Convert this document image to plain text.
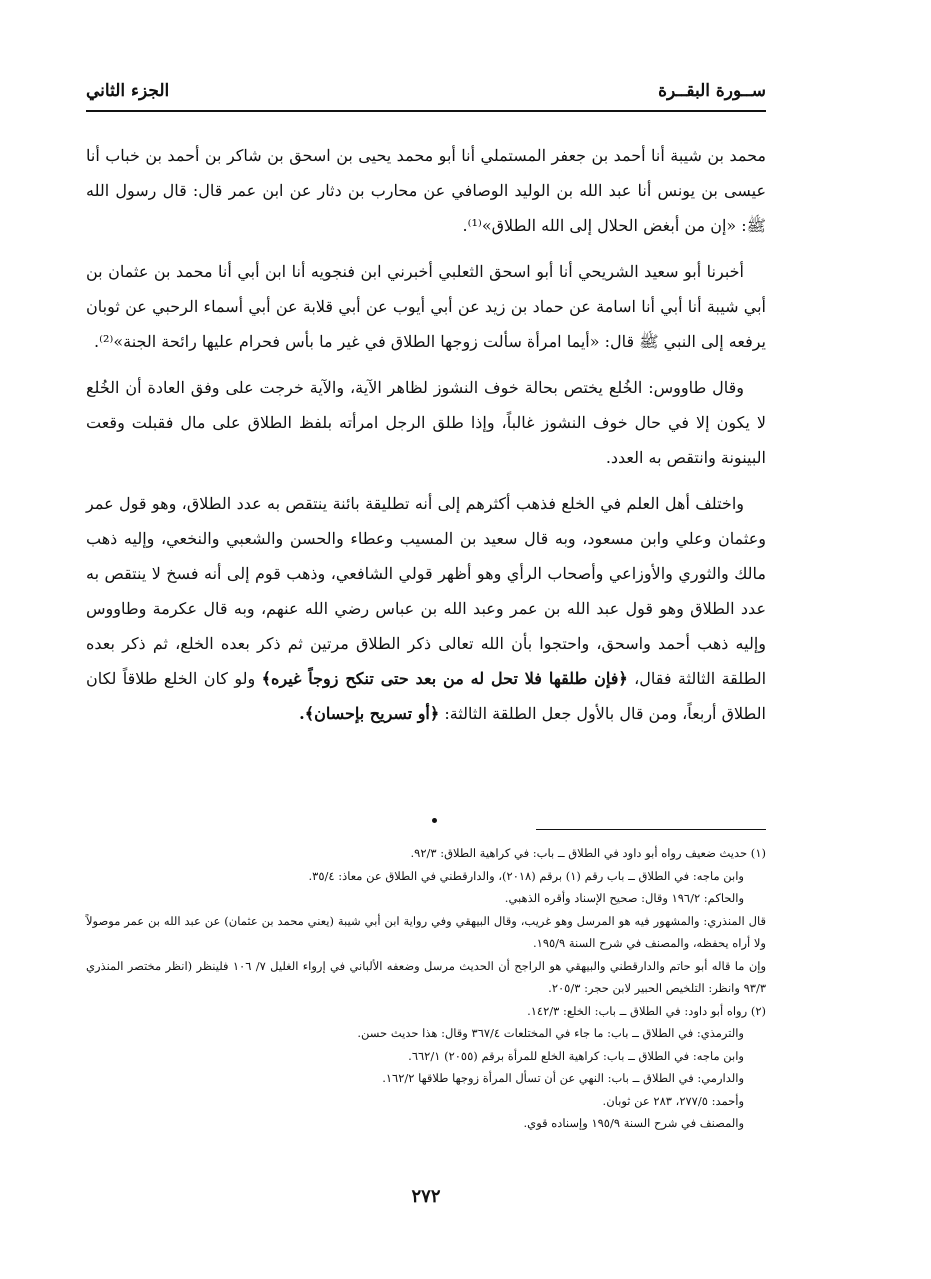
ســورة البقــرة
الجزء الثاني

محمد بن شيبة أنا أحمد بن جعفر المستملي أنا أبو محمد يحيى بن اسحق بن شاكر بن أحمد بن خباب أنا عيسى بن يونس أنا عبد الله بن الوليد الوصافي عن محارب بن دثار عن ابن عمر قال: قال رسول الله ﷺ: «إن من أبغض الحلال إلى الله الطلاق»⁽¹⁾.

أخبرنا أبو سعيد الشريحي أنا أبو اسحق الثعلبي أخبرني ابن فنجويه أنا ابن أبي أنا محمد بن عثمان بن أبي شيبة أنا أبي أنا اسامة عن حماد بن زيد عن أبي أيوب عن أبي قلابة عن أبي أسماء الرحبي عن ثوبان يرفعه إلى النبي ﷺ قال: «أيما امرأة سألت زوجها الطلاق في غير ما بأس فحرام عليها رائحة الجنة»⁽²⁾.

وقال طاووس: الخُلع يختص بحالة خوف النشوز لظاهر الآية، والآية خرجت على وفق العادة أن الخُلع لا يكون إلا في حال خوف النشوز غالباً، وإذا طلق الرجل امرأته بلفظ الطلاق على مال فقبلت وقعت البينونة وانتقص به العدد.

واختلف أهل العلم في الخلع فذهب أكثرهم إلى أنه تطليقة بائنة ينتقص به عدد الطلاق، وهو قول عمر وعثمان وعلي وابن مسعود، وبه قال سعيد بن المسيب وعطاء والحسن والشعبي والنخعي، وإليه ذهب مالك والثوري والأوزاعي وأصحاب الرأي وهو أظهر قولي الشافعي، وذهب قوم إلى أنه فسخ لا ينتقص به عدد الطلاق وهو قول عبد الله بن عمر وعبد الله بن عباس رضي الله عنهم، وبه قال عكرمة وطاووس وإليه ذهب أحمد واسحق، واحتجوا بأن الله تعالى ذكر الطلاق مرتين ثم ذكر بعده الخلع، ثم ذكر بعده الطلقة الثالثة فقال، ﴿فإن طلقها فلا تحل له من بعد حتى تنكح زوجاً غيره﴾ ولو كان الخلع طلاقاً لكان الطلاق أربعاً، ومن قال بالأول جعل الطلقة الثالثة: ﴿أو تسريح بإحسان﴾.

(١) حديث ضعيف رواه أبو داود في الطلاق ــ باب: في كراهية الطلاق: ٩٢/٣.
وابن ماجه: في الطلاق ــ باب رقم (١) برقم (٢٠١٨)، والدارقطني في الطلاق عن معاذ: ٣٥/٤.
والحاكم: ١٩٦/٢ وقال: صحيح الإسناد وأقره الذهبي.
قال المنذري: والمشهور فيه هو المرسل وهو غريب، وقال البيهقي وفي رواية ابن أبي شيبة (يعني محمد بن عثمان) عن عبد الله بن عمر موصولاً ولا أراه يحفظه، والمصنف في شرح السنة ١٩٥/٩.
وإن ما قاله أبو حاتم والدارقطني والبيهقي هو الراجح أن الحديث مرسل وضعفه الألباني في إرواء الغليل ٧/ ١٠٦ فلينظر (انظر مختصر المنذري ٩٣/٣ وانظر: التلخيص الحبير لابن حجر: ٢٠٥/٣.
(٢) رواه أبو داود: في الطلاق ــ باب: الخلع: ١٤٢/٣.
والترمذي: في الطلاق ــ باب: ما جاء في المختلعات ٣٦٧/٤ وقال: هذا حديث حسن.
وابن ماجه: في الطلاق ــ باب: كراهية الخلع للمرأة برقم (٢٠٥٥) ٦٦٢/١.
والدارمي: في الطلاق ــ باب: النهي عن أن تسأل المرأة زوجها طلاقها ١٦٢/٢.
وأحمد: ٢٧٧/٥، ٢٨٣ عن ثوبان.
والمصنف في شرح السنة ١٩٥/٩ وإسناده قوي.
٢٧٢
